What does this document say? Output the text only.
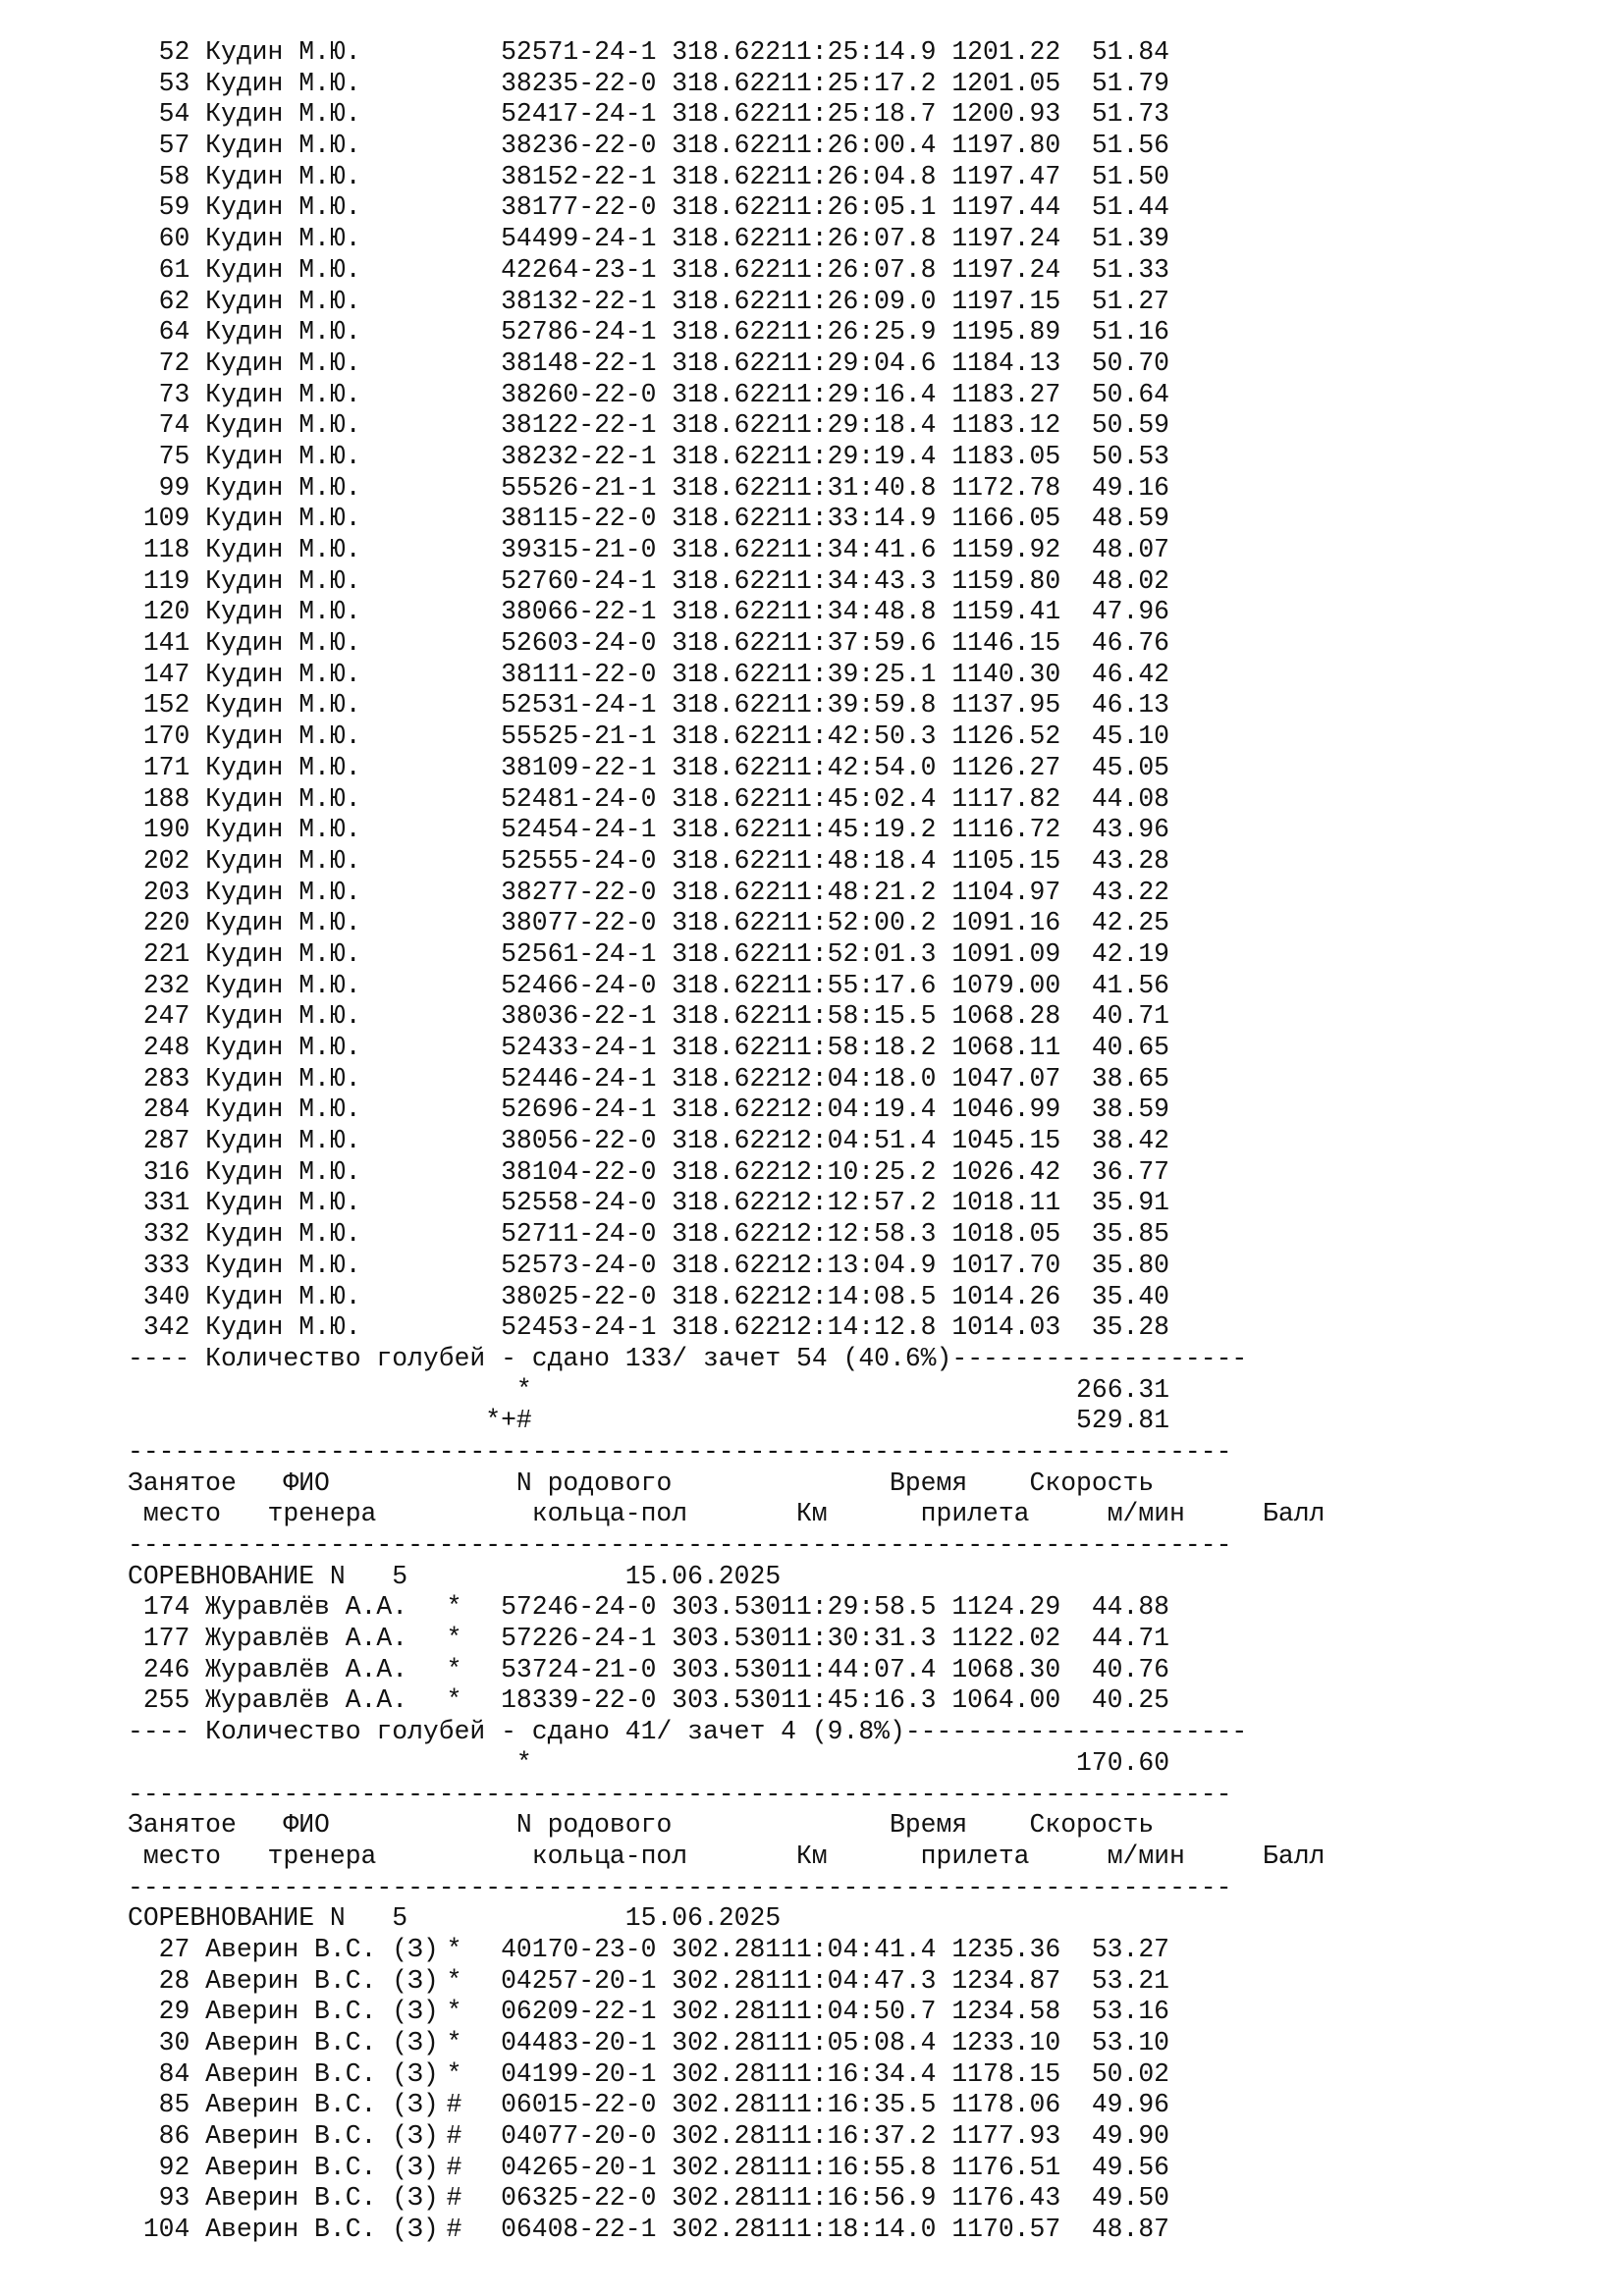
52 Кудин М.Ю.	52571-24-1 318.62211:25:14.9 1201.22 51.84
53 Кудин М.Ю.	38235-22-0 318.62211:25:17.2 1201.05 51.79
54 Кудин М.Ю.	52417-24-1 318.62211:25:18.7 1200.93 51.73
57 Кудин М.Ю.	38236-22-0 318.62211:26:00.4 1197.80 51.56
58 Кудин М.Ю.	38152-22-1 318.62211:26:04.8 1197.47 51.50
59 Кудин М.Ю.	38177-22-0 318.62211:26:05.1 1197.44 51.44
60 Кудин М.Ю.	54499-24-1 318.62211:26:07.8 1197.24 51.39
61 Кудин М.Ю.	42264-23-1 318.62211:26:07.8 1197.24 51.33
62 Кудин М.Ю.	38132-22-1 318.62211:26:09.0 1197.15 51.27
64 Кудин М.Ю.	52786-24-1 318.62211:26:25.9 1195.89 51.16
72 Кудин М.Ю.	38148-22-1 318.62211:29:04.6 1184.13 50.70
73 Кудин М.Ю.	38260-22-0 318.62211:29:16.4 1183.27 50.64
74 Кудин М.Ю.	38122-22-1 318.62211:29:18.4 1183.12 50.59
75 Кудин М.Ю.	38232-22-1 318.62211:29:19.4 1183.05 50.53
99 Кудин М.Ю.	55526-21-1 318.62211:31:40.8 1172.78 49.16
109 Кудин М.Ю.	38115-22-0 318.62211:33:14.9 1166.05 48.59
118 Кудин М.Ю.	39315-21-0 318.62211:34:41.6 1159.92 48.07
119 Кудин М.Ю.	52760-24-1 318.62211:34:43.3 1159.80 48.02
120 Кудин М.Ю.	38066-22-1 318.62211:34:48.8 1159.41 47.96
141 Кудин М.Ю.	52603-24-0 318.62211:37:59.6 1146.15 46.76
147 Кудин М.Ю.	38111-22-0 318.62211:39:25.1 1140.30 46.42
152 Кудин М.Ю.	52531-24-1 318.62211:39:59.8 1137.95 46.13
170 Кудин М.Ю.	55525-21-1 318.62211:42:50.3 1126.52 45.10
171 Кудин М.Ю.	38109-22-1 318.62211:42:54.0 1126.27 45.05
188 Кудин М.Ю.	52481-24-0 318.62211:45:02.4 1117.82 44.08
190 Кудин М.Ю.	52454-24-1 318.62211:45:19.2 1116.72 43.96
202 Кудин М.Ю.	52555-24-0 318.62211:48:18.4 1105.15 43.28
203 Кудин М.Ю.	38277-22-0 318.62211:48:21.2 1104.97 43.22
220 Кудин М.Ю.	38077-22-0 318.62211:52:00.2 1091.16 42.25
221 Кудин М.Ю.	52561-24-1 318.62211:52:01.3 1091.09 42.19
232 Кудин М.Ю.	52466-24-0 318.62211:55:17.6 1079.00 41.56
247 Кудин М.Ю.	38036-22-1 318.62211:58:15.5 1068.28 40.71
248 Кудин М.Ю.	52433-24-1 318.62211:58:18.2 1068.11 40.65
283 Кудин М.Ю.	52446-24-1 318.62212:04:18.0 1047.07 38.65
284 Кудин М.Ю.	52696-24-1 318.62212:04:19.4 1046.99 38.59
287 Кудин М.Ю.	38056-22-0 318.62212:04:51.4 1045.15 38.42
316 Кудин М.Ю.	38104-22-0 318.62212:10:25.2 1026.42 36.77
331 Кудин М.Ю.	52558-24-0 318.62212:12:57.2 1018.11 35.91
332 Кудин М.Ю.	52711-24-0 318.62212:12:58.3 1018.05 35.85
333 Кудин М.Ю.	52573-24-0 318.62212:13:04.9 1017.70 35.80
340 Кудин М.Ю.	38025-22-0 318.62212:14:08.5 1014.26 35.40
342 Кудин М.Ю.	52453-24-1 318.62212:14:12.8 1014.03 35.28
---- Количество голубей - сдано 133/ зачет 54 (40.6%)-------------------
*	266.31
*+#	529.81
-----------------------------------------------------------------------
Занятое ФИО	N родового	Время Скорость
место тренера	кольца-пол	Км	прилета	м/мин	Балл
-----------------------------------------------------------------------
СОРЕВНОВАНИЕ N   5	15.06.2025
174 Журавлёв А.А. * 57246-24-0 303.53011:29:58.5 1124.29 44.88
177 Журавлёв А.А. * 57226-24-1 303.53011:30:31.3 1122.02 44.71
246 Журавлёв А.А. * 53724-21-0 303.53011:44:07.4 1068.30 40.76
255 Журавлёв А.А. * 18339-22-0 303.53011:45:16.3 1064.00 40.25
---- Количество голубей - сдано 41/ зачет 4 (9.8%)----------------------
*	170.60
-----------------------------------------------------------------------
Занятое ФИО	N родового	Время Скорость
место тренера	кольца-пол	Км	прилета	м/мин	Балл
-----------------------------------------------------------------------
СОРЕВНОВАНИЕ N   5	15.06.2025
27 Аверин В.С. (З) * 40170-23-0 302.28111:04:41.4 1235.36 53.27
28 Аверин В.С. (З) * 04257-20-1 302.28111:04:47.3 1234.87 53.21
29 Аверин В.С. (З) * 06209-22-1 302.28111:04:50.7 1234.58 53.16
30 Аверин В.С. (З) * 04483-20-1 302.28111:05:08.4 1233.10 53.10
84 Аверин В.С. (З) * 04199-20-1 302.28111:16:34.4 1178.15 50.02
85 Аверин В.С. (З) # 06015-22-0 302.28111:16:35.5 1178.06 49.96
86 Аверин В.С. (З) # 04077-20-0 302.28111:16:37.2 1177.93 49.90
92 Аверин В.С. (З) # 04265-20-1 302.28111:16:55.8 1176.51 49.56
93 Аверин В.С. (З) # 06325-22-0 302.28111:16:56.9 1176.43 49.50
104 Аверин В.С. (З) # 06408-22-1 302.28111:18:14.0 1170.57 48.87
